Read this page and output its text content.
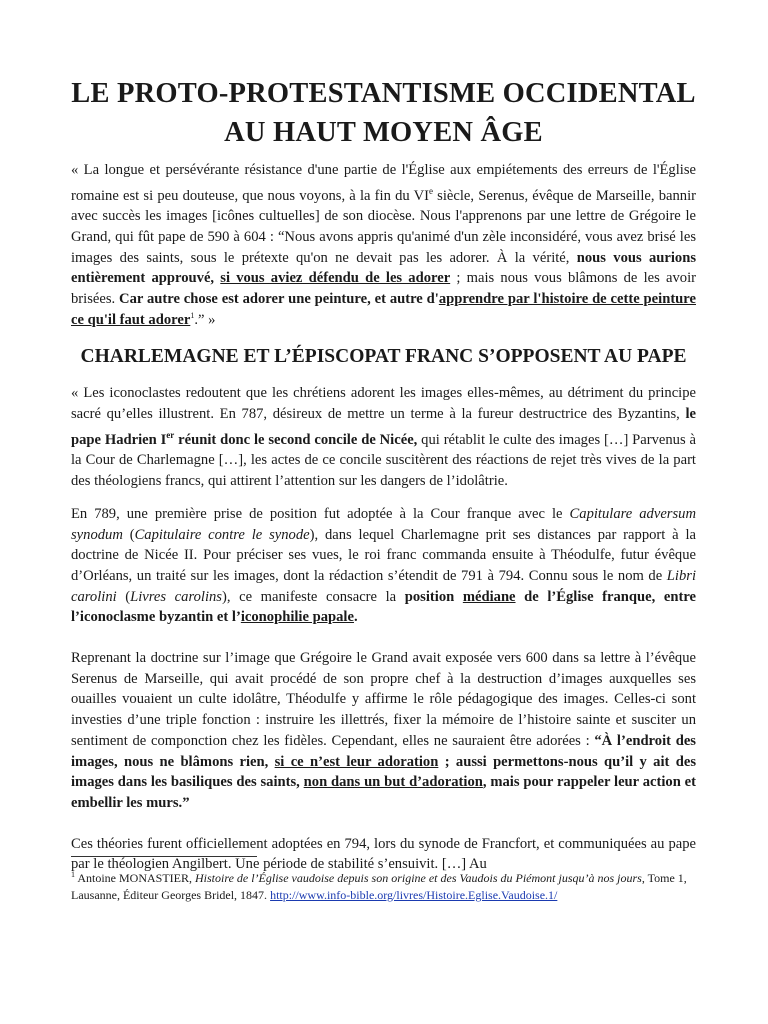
LE PROTO-PROTESTANTISME OCCIDENTAL
AU HAUT MOYEN ÂGE

« La longue et persévérante résistance d'une partie de l'Église aux empiétements des erreurs de l'Église romaine est si peu douteuse, que nous voyons, à la fin du VIe siècle, Serenus, évêque de Marseille, bannir avec succès les images [icônes cultuelles] de son diocèse. Nous l'apprenons par une lettre de Grégoire le Grand, qui fût pape de 590 à 604 : “Nous avons appris qu'animé d'un zèle inconsidéré, vous avez brisé les images des saints, sous le prétexte qu'on ne devait pas les adorer. À la vérité, nous vous aurions entièrement approuvé, si vous aviez défendu de les adorer ; mais nous vous blâmons de les avoir brisées. Car autre chose est adorer une peinture, et autre d'apprendre par l'histoire de cette peinture ce qu'il faut adorer$^1$.” »

CHARLEMAGNE ET L’ÉPISCOPAT FRANC S’OPPOSENT AU PAPE

« Les iconoclastes redoutent que les chrétiens adorent les images elles-mêmes, au détriment du principe sacré qu’elles illustrent. En 787, désireux de mettre un terme à la fureur destructrice des Byzantins, le pape Hadrien Ier réunit donc le second concile de Nicée, qui rétablit le culte des images […] Parvenus à la Cour de Charlemagne […], les actes de ce concile suscitèrent des réactions de rejet très vives de la part des théologiens francs, qui attirent l’attention sur les dangers de l’idolâtrie.

En 789, une première prise de position fut adoptée à la Cour franque avec le Capitulare adversum synodum (Capitulaire contre le synode), dans lequel Charlemagne prit ses distances par rapport à la doctrine de Nicée II. Pour préciser ses vues, le roi franc commanda ensuite à Théodulfe, futur évêque d’Orléans, un traité sur les images, dont la rédaction s’étendit de 791 à 794. Connu sous le nom de Libri carolini (Livres carolins), ce manifeste consacre la position médiane de l’Église franque, entre l’iconoclasme byzantin et l’iconophilie papale.

Reprenant la doctrine sur l’image que Grégoire le Grand avait exposée vers 600 dans sa lettre à l’évêque Serenus de Marseille, qui avait procédé de son propre chef à la destruction d’images auxquelles ses ouailles vouaient un culte idolâtre, Théodulfe y affirme le rôle pédagogique des images. Celles-ci sont investies d’une triple fonction : instruire les illettrés, fixer la mémoire de l’histoire sainte et susciter un sentiment de componction chez les fidèles. Cependant, elles ne sauraient être adorées : “À l’endroit des images, nous ne blâmons rien, si ce n’est leur adoration ; aussi permettons-nous qu’il y ait des images dans les basiliques des saints, non dans un but d’adoration, mais pour rappeler leur action et embellir les murs.”

Ces théories furent officiellement adoptées en 794, lors du synode de Francfort, et communiquées au pape par le théologien Angilbert. Une période de stabilité s’ensuivit. […] Au

$^1$ Antoine MONASTIER, Histoire de l’Église vaudoise depuis son origine et des Vaudois du Piémont jusqu’à nos jours, Tome 1, Lausanne, Éditeur Georges Bridel, 1847. http://www.info-bible.org/livres/Histoire.Eglise.Vaudoise.1/
